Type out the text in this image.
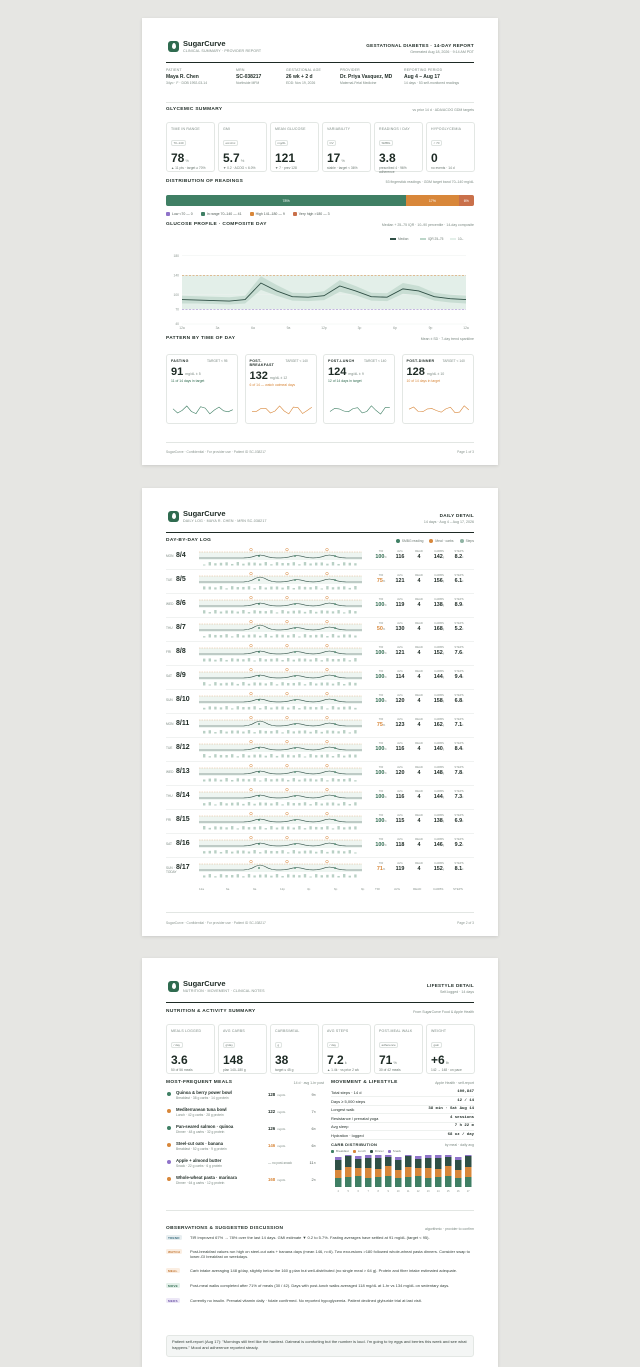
SugarCurve
CLINICAL SUMMARY · PROVIDER REPORT
GESTATIONAL DIABETES · 14-DAY REPORT
Generated Aug 18, 2026 · 9:14 AM PDT
PATIENT
Maya R. Chen
34yo · F · DOB 1992-03-14
MRN
SC-038217
Northside MFM
GESTATIONAL AGE
26 wk + 2 d
EDD: Nov 19, 2026
PROVIDER
Dr. Priya Vasquez, MD
Maternal-Fetal Medicine
REPORTING PERIOD
Aug 4 – Aug 17
14 days · 53 self-monitored readings
GLYCEMIC SUMMARY	vs prior 14 d · ADA/ACOG GDM targets
TIME IN RANGE
70–140
78%
▲ 11 pts · target ≥ 70%
GMI
est A1c
5.7%
▼ 0.2 · ACOG < 6.0%
MEAN GLUCOSE
mg/dL
121
▼ 7 · prev 128
VARIABILITY
CV
17%
stable · target < 36%
READINGS / DAY
SMBG
3.8
prescribed 4 · 96% adherence
HYPOGLYCEMIA
< 70
0
no events · 14 d
DISTRIBUTION OF READINGS	53 fingerstick readings · GDM target band 70–140 mg/dL
78%	17%	6%
Low <70 — 0	In range 70–140 — 41	High 141–180 — 9	Very high >180 — 3
GLUCOSE PROFILE · COMPOSITE DAY	Median + 25–75 IQR · 10–90 percentile · 14-day composite
40
70
100
140
180
12a	3a	6a	9a	12p	3p	6p	9p	12a
Median	IQR 25–75	10–
PATTERN BY TIME OF DAY	Mean ± SD · 7-day trend sparkline
FASTING	TARGET < 95
91 mg/dL ± 5
11 of 14 days in target
POST-BREAKFAST
TARGET < 140
132 mg/dL ± 12
6 of 14 — watch oatmeal days
POST-LUNCH	TARGET < 140
124 mg/dL ± 9
12 of 14 days in target
POST-DINNER	TARGET < 140
128 mg/dL ± 10
10 of 14 days in target
SugarCurve · Confidential · For provider use · Patient ID SC-038217	Page 1 of 3
SugarCurve
DAILY LOG · MAYA R. CHEN · MRN SC-038217
DAILY DETAIL
14 days · Aug 4 – Aug 17, 2026
DAY-BY-DAY LOG	SMBG reading	Meal · carbs	Steps
MON 8/4
TIR
100%
AVG
116
READ
4
CARBS
142g
STEPS
8.2k
TUE 8/5
TIR
75%
AVG
121
READ
4
CARBS
156g
STEPS
6.1k
WED 8/6
TIR
100%
AVG
119
READ
4
CARBS
138g
STEPS
8.9k
THU 8/7
TIR
50%
AVG
130
READ
4
CARBS
168g
STEPS
5.2k
FRI 8/8
TIR
100%
AVG
121
READ
4
CARBS
152g
STEPS
7.6k
SAT 8/9
TIR
100%
AVG
114
READ
4
CARBS
144g
STEPS
9.4k
SUN 8/10
TIR
100%
AVG
120
READ
4
CARBS
158g
STEPS
6.8k
MON 8/11
TIR
75%
AVG
123
READ
4
CARBS
162g
STEPS
7.1k
TUE 8/12
TIR
100%
AVG
116
READ
4
CARBS
140g
STEPS
8.4k
WED 8/13
TIR
100%
AVG
120
READ
4
CARBS
148g
STEPS
7.8k
THU 8/14
TIR
100%
AVG
116
READ
4
CARBS
144g
STEPS
7.3k
FRI 8/15
TIR
100%
AVG
115
READ
4
CARBS
138g
STEPS
6.9k
SAT 8/16
TIR
100%
AVG
118
READ
4
CARBS
146g
STEPS
9.2k
SUN · TODAY
8/17
TIR
71%
AVG
119
READ
4
CARBS
152g
STEPS
8.1k
12a	6a	9a	12p	3p	6p	9p	TIR	AVG	READ	CARBS	STEPS
SugarCurve · Confidential · For provider use · Patient ID SC-038217	Page 2 of 3
SugarCurve
NUTRITION · MOVEMENT · CLINICAL NOTES
LIFESTYLE DETAIL
Self-logged · 14 days
NUTRITION & ACTIVITY SUMMARY	From SugarCurve Food & Apple Health
MEALS LOGGED
/ day
3.6
50 of 56 meals
AVG CARBS
g/day
148
plan 140–180 g
CARBS/MEAL
g
38
target ≤ 45 g
AVG STEPS
/ day
7.2k
▲ 1.4k · vs prior 2 wk
POST-MEAL WALK
adherence
71%
30 of 42 meals
WEIGHT
gain
+6lb
142 → 148 · on pace
MOST-FREQUENT MEALS	14 d · avg 1-hr post
Quinoa & berry power bowl
Breakfast · 38 g carbs · 14 g protein
128 mg/dL	9×
Mediterranean tuna bowl
Lunch · 42 g carbs · 28 g protein
122 mg/dL	7×
Pan-seared salmon · quinoa
Dinner · 48 g carbs · 32 g protein
126 mg/dL	6×
Steel-cut oats · banana
Breakfast · 52 g carbs · 9 g protein
146 mg/dL	6×
Apple + almond butter
Snack · 22 g carbs · 6 g protein
— no post-snack	11×
Whole-wheat pasta · marinara
Dinner · 64 g carbs · 12 g protein
168 mg/dL	2×
MOVEMENT & LIFESTYLE	Apple Health · self-report
Total steps · 14 d	100,847
Days ≥ 5,000 steps	12 / 14
Longest walk	38 min · Sat Aug 14
Resistance / prenatal yoga	4 sessions
Avg sleep	7 h 22 m
Hydration · logged	68 oz / day
CARB DISTRIBUTION	by meal · daily avg
Breakfast	Lunch	Dinner	Snack
4	5	6	7	8	9	10	11	12	13	14	15	16	17
OBSERVATIONS & SUGGESTED DISCUSSION	algorithmic · provider to confirm
TREND	TIR improved 67% → 78% over the last 14 days. GMI estimate ▼ 0.2 to 5.7%. Fasting averages have settled at 91 mg/dL (target < 95).
WATCH	Post-breakfast values run high on steel-cut oats + banana days (mean 146, n=6). Two excursions >180 followed whole-wheat pasta dinners. Consider swap to lower-GI breakfast on weekdays.
MEAL	Carb intake averaging 148 g/day, slightly below the 160 g plan but well-distributed (no single meal > 64 g). Protein and fiber intake estimated adequate.
MOVE	Post-meal walks completed after 71% of meals (30 / 42). Days with post-lunch walks averaged 118 mg/dL at 1-hr vs 134 mg/dL on sedentary days.
MEDS	Currently no insulin. Prenatal vitamin daily · folate confirmed. No reported hypoglycemia. Patient declined glyburide trial at last visit.
Patient self-report (Aug 17): "Mornings still feel like the hardest. Oatmeal is comforting but the number is loud. I'm going to try eggs and berries this week and see what happens." Mood and adherence reported steady.
